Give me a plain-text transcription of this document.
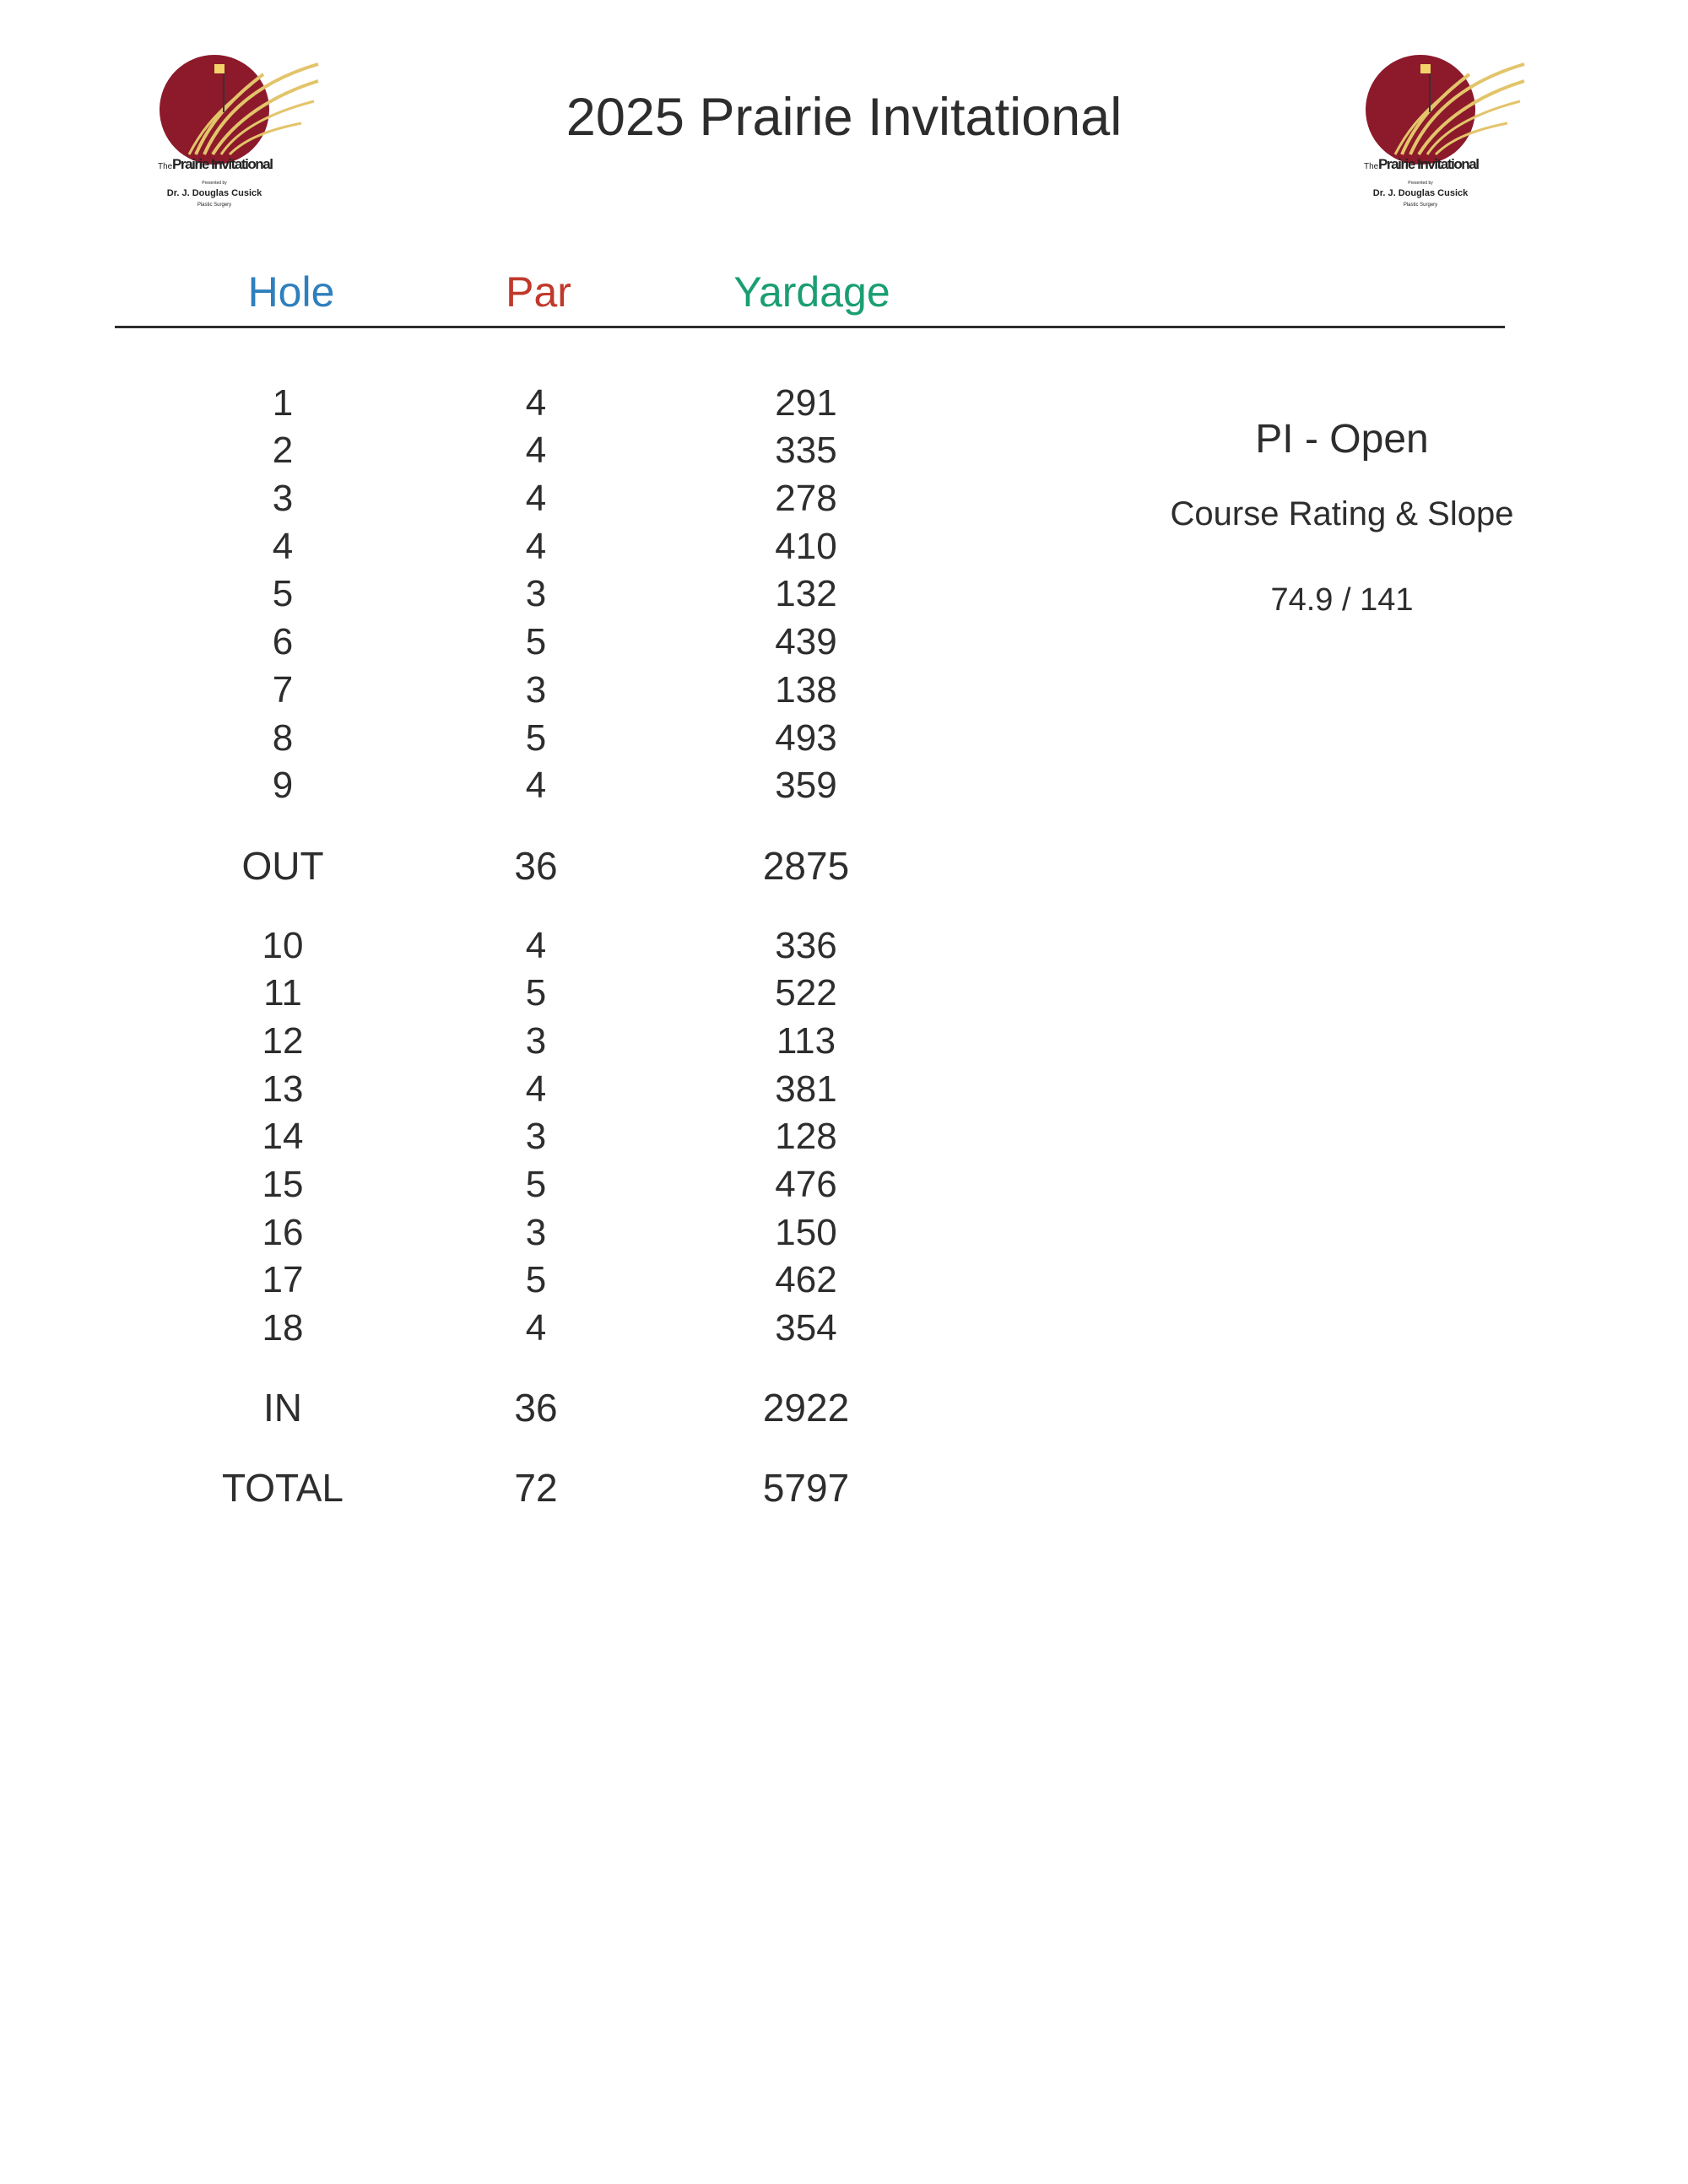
The Prairie Invitational
Presented by
Dr. J. Douglas Cusick
Plastic Surgery
The Prairie Invitational
Presented by
Dr. J. Douglas Cusick
Plastic Surgery
2025 Prairie Invitational
Hole	Par	Yardage
1	4	291
2	4	335
3	4	278
4	4	410
5	3	132
6	5	439
7	3	138
8	5	493
9	4	359
OUT	36	2875
10	4	336
11	5	522
12	3	113
13	4	381
14	3	128
15	5	476
16	3	150
17	5	462
18	4	354
IN	36	2922
TOTAL	72	5797
PI - Open
Course Rating & Slope
74.9 / 141
